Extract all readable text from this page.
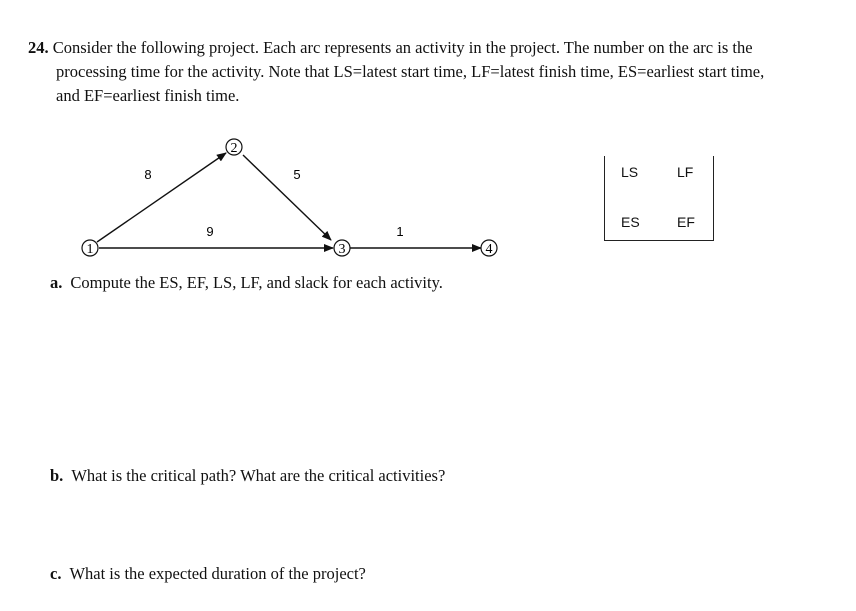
24. Consider the following project. Each arc represents an activity in the project. The number on the arc is the
processing time for the activity. Note that LS=latest start time, LF=latest finish time, ES=earliest start time,
and EF=earliest finish time.
1
2
3	4
8	5
9	1
LS	LF
ES	EF
a. Compute the ES, EF, LS, LF, and slack for each activity.
b. What is the critical path? What are the critical activities?
c. What is the expected duration of the project?
